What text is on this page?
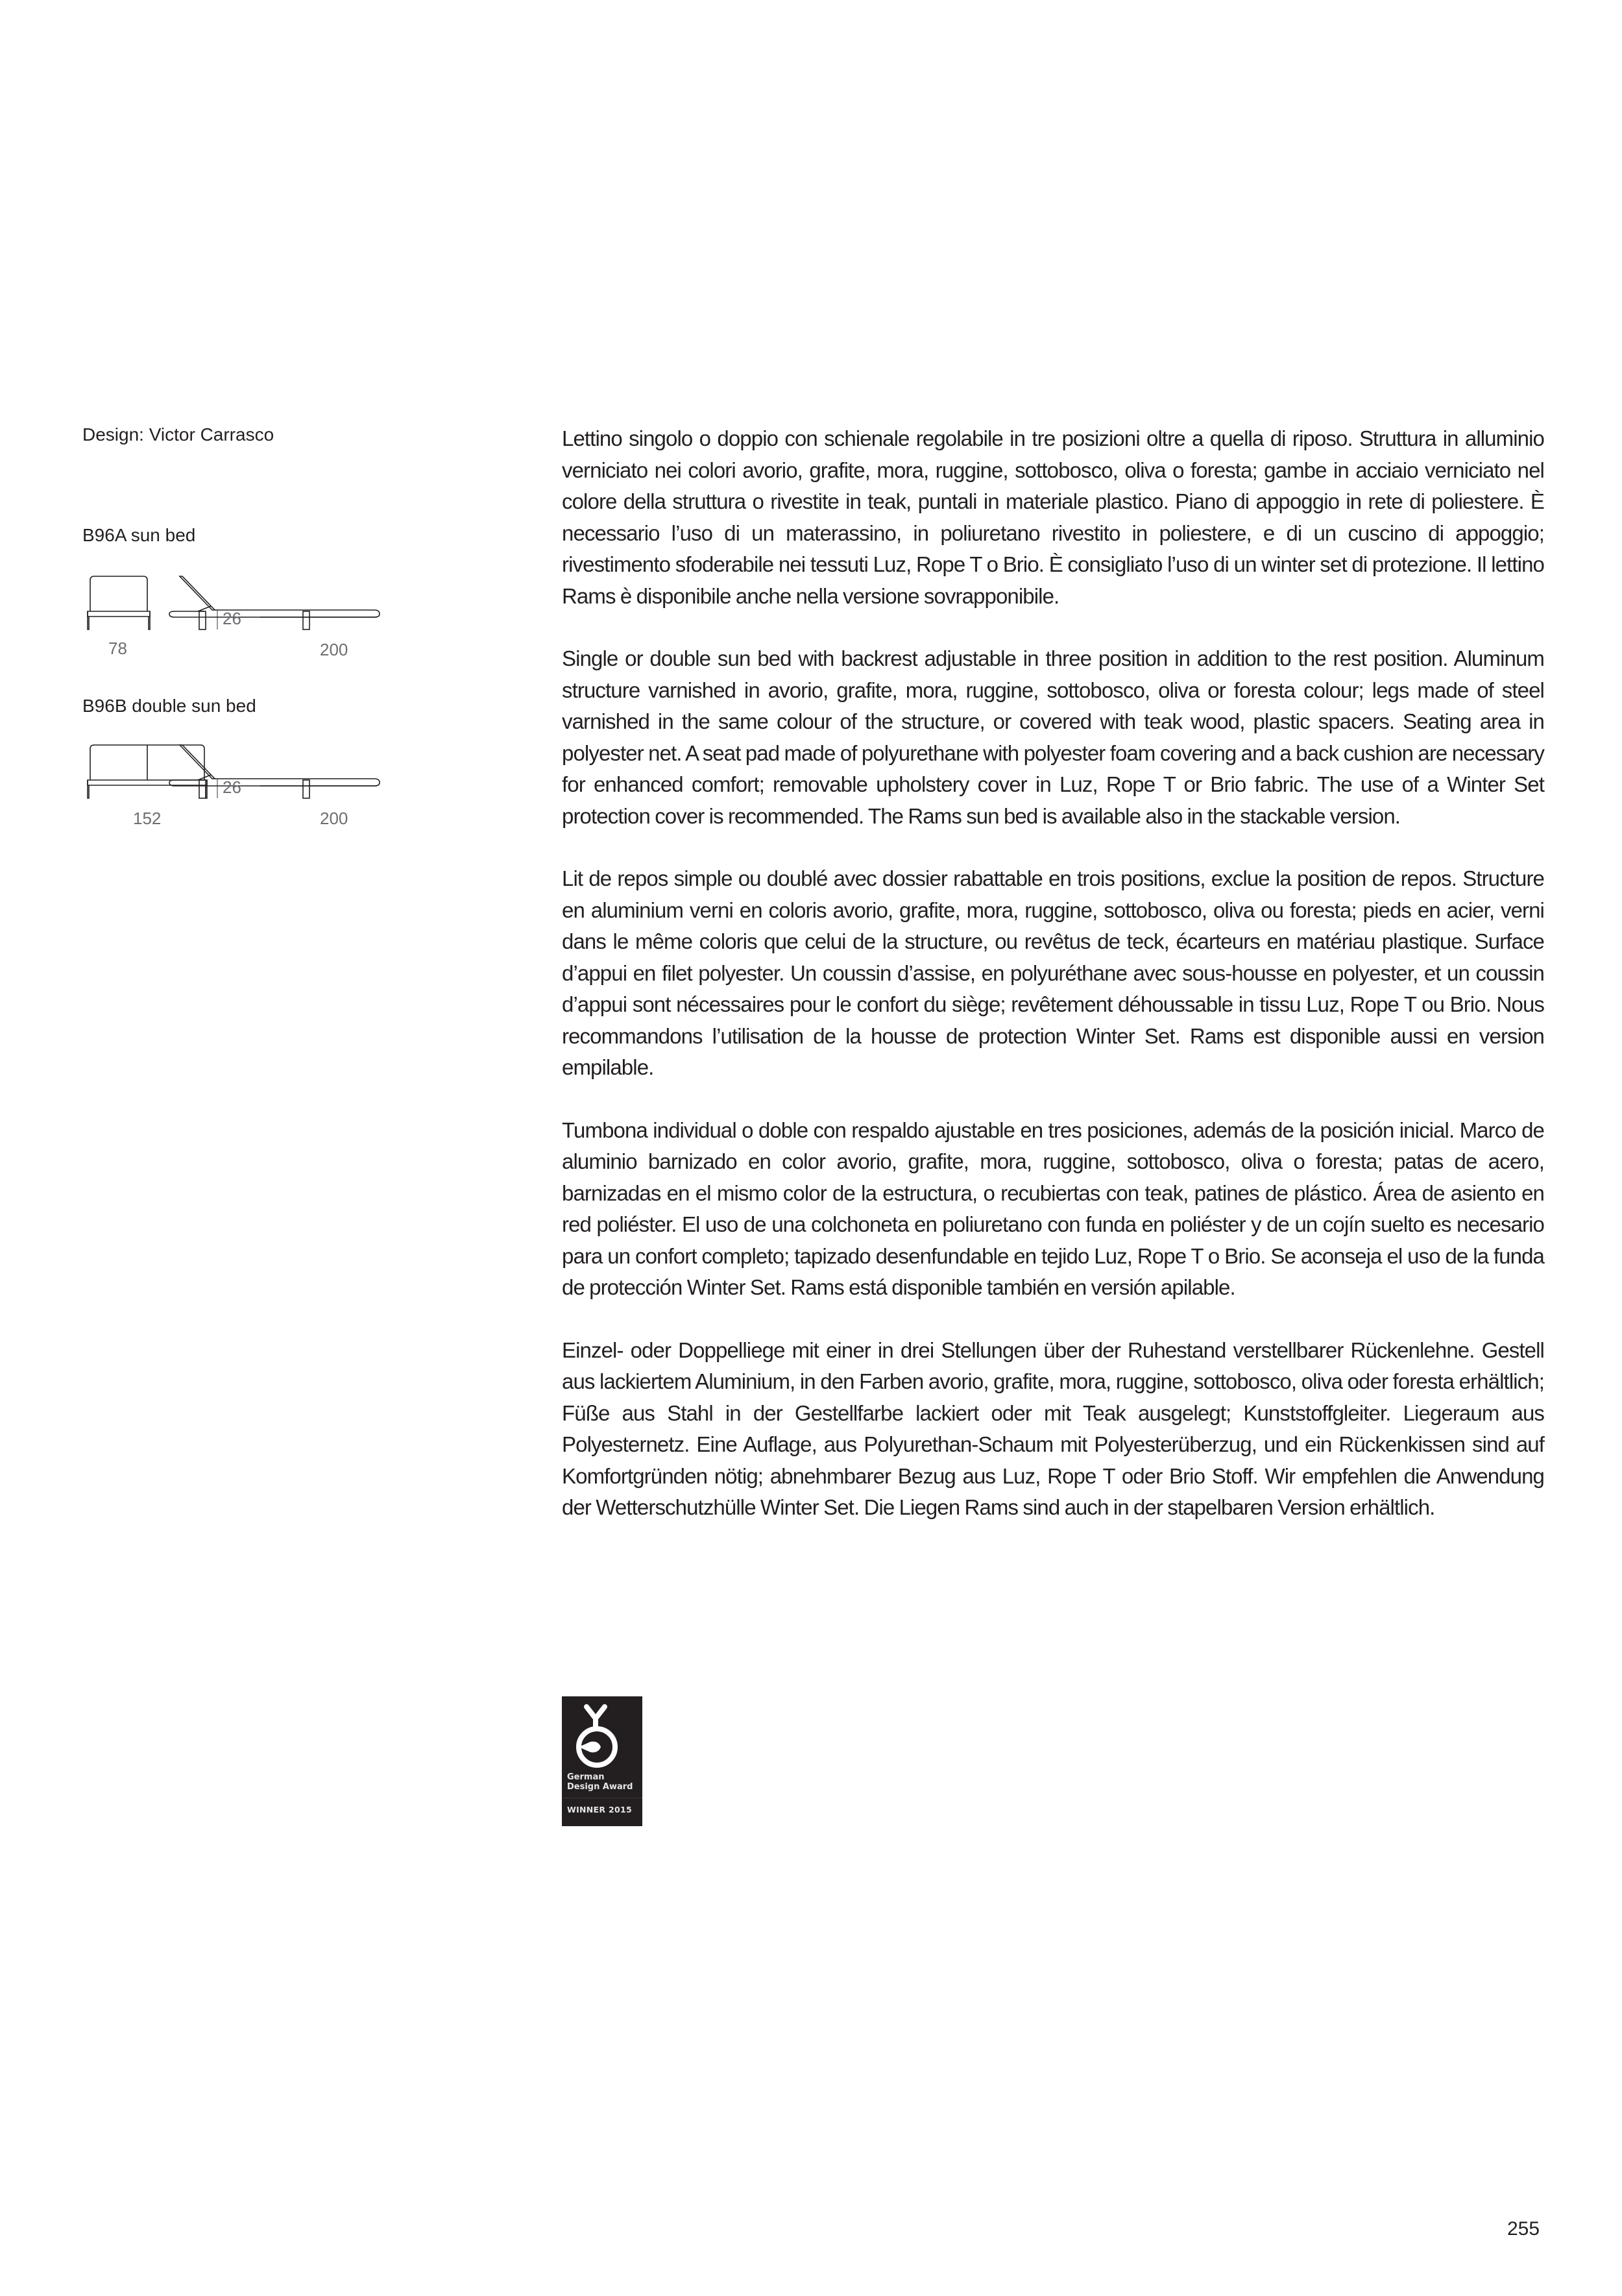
Design: Victor Carrasco
B96A sun bed
26
78	200
B96B double sun bed
26
152	200

Lettino singolo o doppio con schienale regolabile in tre posizioni oltre a quella di riposo. Struttura in alluminio verniciato nei colori avorio, grafite, mora, ruggine, sottobosco, oliva o foresta; gambe in acciaio verniciato nel colore della struttura o rivestite in teak, puntali in materiale plastico. Piano di appoggio in rete di poliestere. È necessario l’uso di un materassino, in poliuretano rivestito in poliestere, e di un cuscino di appoggio; rivestimento sfoderabile nei tessuti Luz, Rope T o Brio. È consigliato l’uso di un winter set di protezione. Il lettino Rams è disponibile anche nella versione sovrapponibile.

Single or double sun bed with backrest adjustable in three position in addition to the rest position. Aluminum structure varnished in avorio, grafite, mora, ruggine, sottobosco, oliva or foresta colour; legs made of steel varnished in the same colour of the structure, or covered with teak wood, plastic spacers. Seating area in polyester net. A seat pad made of polyurethane with polyester foam covering and a back cushion are necessary for enhanced comfort; removable upholstery cover in Luz, Rope T or Brio fabric. The use of a Winter Set protection cover is recommended. The Rams sun bed is available also in the stackable version.

Lit de repos simple ou doublé avec dossier rabattable en trois positions, exclue la position de repos. Structure en aluminium verni en coloris avorio, grafite, mora, ruggine, sottobosco, oliva ou foresta; pieds en acier, verni dans le même coloris que celui de la structure, ou revêtus de teck, écarteurs en matériau plastique. Surface d’appui en filet polyester. Un coussin d’assise, en polyuréthane avec sous-housse en polyester, et un coussin d’appui sont nécessaires pour le confort du siège; revêtement déhoussable in tissu Luz, Rope T ou Brio. Nous recommandons l’utilisation de la housse de protection Winter Set. Rams est disponible aussi en version empilable.

Tumbona individual o doble con respaldo ajustable en tres posiciones, además de la posición inicial. Marco de aluminio barnizado en color avorio, grafite, mora, ruggine, sottobosco, oliva o foresta; patas de acero, barnizadas en el mismo color de la estructura, o recubiertas con teak, patines de plástico. Área de asiento en red poliéster. El uso de una colchoneta en poliuretano con funda en poliéster y de un cojín suelto es necesario para un confort completo; tapizado desenfundable en tejido Luz, Rope T o Brio. Se aconseja el uso de la funda de protección Winter Set. Rams está disponible también en versión apilable.

Einzel- oder Doppelliege mit einer in drei Stellungen über der Ruhestand verstellbarer Rückenlehne. Gestell aus lackiertem Aluminium, in den Farben avorio, grafite, mora, ruggine, sottobosco, oliva oder foresta erhältlich; Füße aus Stahl in der Gestellfarbe lackiert oder mit Teak ausgelegt; Kunststoffgleiter. Liegeraum aus Polyesternetz. Eine Auflage, aus Polyurethan-Schaum mit Polyesterüberzug, und ein Rückenkissen sind auf Komfortgründen nötig; abnehmbarer Bezug aus Luz, Rope T oder Brio Stoff. Wir empfehlen die Anwendung der Wetterschutzhülle Winter Set. Die Liegen Rams sind auch in der stapelbaren Version erhältlich.

German
Design Award
WINNER 2015
255
